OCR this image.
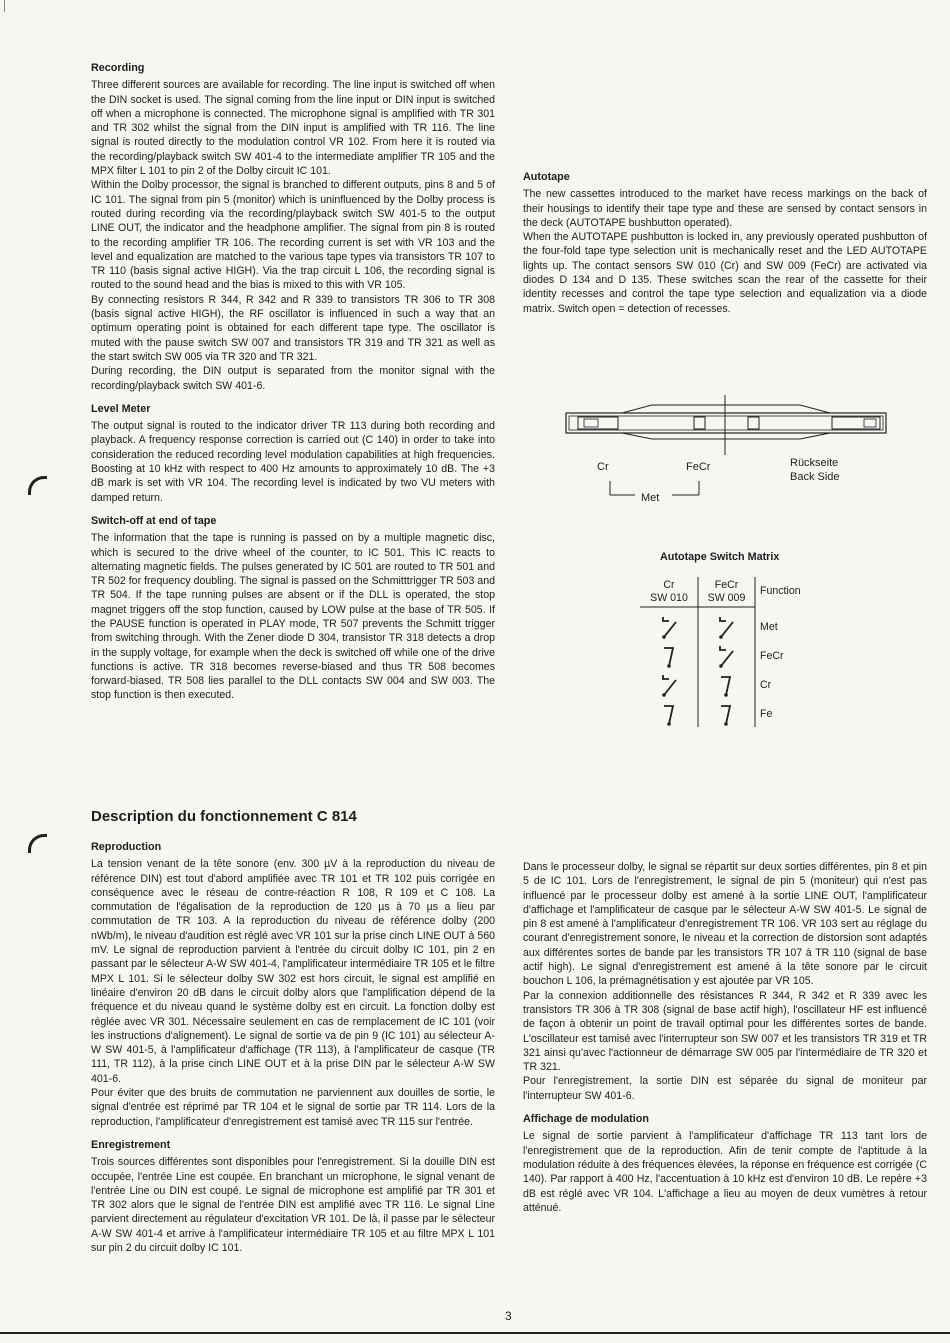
Recording

Three different sources are available for recording. The line input is switched off when the DIN socket is used. The signal coming from the line input or DIN input is switched off when a microphone is connected. The microphone signal is amplified with TR 301 and TR 302 whilst the signal from the DIN input is amplified with TR 116. The line signal is routed directly to the modulation control VR 102. From here it is routed via the recording/playback switch SW 401-4 to the intermediate amplifier TR 105 and the MPX filter L 101 to pin 2 of the Dolby circuit IC 101.

Within the Dolby processor, the signal is branched to different outputs, pins 8 and 5 of IC 101. The signal from pin 5 (monitor) which is uninfluenced by the Dolby process is routed during recording via the recording/playback switch SW 401-5 to the output LINE OUT, the indicator and the headphone amplifier. The signal from pin 8 is routed to the recording amplifier TR 106. The recording current is set with VR 103 and the level and equalization are matched to the various tape types via transistors TR 107 to TR 110 (basis signal active HIGH). Via the trap circuit L 106, the recording signal is routed to the sound head and the bias is mixed to this with VR 105.

By connecting resistors R 344, R 342 and R 339 to transistors TR 306 to TR 308 (basis signal active HIGH), the RF oscillator is influenced in such a way that an optimum operating point is obtained for each different tape type. The oscillator is muted with the pause switch SW 007 and transistors TR 319 and TR 321 as well as the start switch SW 005 via TR 320 and TR 321.

During recording, the DIN output is separated from the monitor signal with the recording/playback switch SW 401-6.

Level Meter

The output signal is routed to the indicator driver TR 113 during both recording and playback. A frequency response correction is carried out (C 140) in order to take into consideration the reduced recording level modulation capabilities at high frequencies. Boosting at 10 kHz with respect to 400 Hz amounts to approximately 10 dB. The +3 dB mark is set with VR 104. The recording level is indicated by two VU meters with damped return.

Switch-off at end of tape

The information that the tape is running is passed on by a multiple magnetic disc, which is secured to the drive wheel of the counter, to IC 501. This IC reacts to alternating magnetic fields. The pulses generated by IC 501 are routed to TR 501 and TR 502 for frequency doubling. The signal is passed on the Schmitttrigger TR 503 and TR 504. If the tape running pulses are absent or if the DLL is operated, the stop magnet triggers off the stop function, caused by LOW pulse at the base of TR 505. If the PAUSE function is operated in PLAY mode, TR 507 prevents the Schmitt trigger from switching through. With the Zener diode D 304, transistor TR 318 detects a drop in the supply voltage, for example when the deck is switched off while one of the drive functions is active. TR 318 becomes reverse-biased and thus TR 508 becomes forward-biased. TR 508 lies parallel to the DLL contacts SW 004 and SW 003. The stop function is then executed.

Autotape

The new cassettes introduced to the market have recess markings on the back of their housings to identify their tape type and these are sensed by contact sensors in the deck (AUTOTAPE bushbutton operated).

When the AUTOTAPE pushbutton is locked in, any previously operated pushbutton of the four-fold tape type selection unit is mechanically reset and the LED AUTOTAPE lights up. The contact sensors SW 010 (Cr) and SW 009 (FeCr) are activated via diodes D 134 and D 135. These switches scan the rear of the cassette for their identity recesses and control the tape type selection and equalization via a diode matrix. Switch open = detection of recesses.

Cr	FeCr
Met
Rückseite
Back Side
Autotape Switch Matrix
Cr
SW 010
FeCr
SW 009
Function
Met
FeCr
Cr
Fe
Description du fonctionnement C 814
Reproduction

La tension venant de la tête sonore (env. 300 µV à la reproduction du niveau de référence DIN) est tout d'abord amplifiée avec TR 101 et TR 102 puis corrigée en conséquence avec le réseau de contre-réaction R 108, R 109 et C 108. La commutation de l'égalisation de la reproduction de 120 µs à 70 µs a lieu par commutation de TR 103. A la reproduction du niveau de référence dolby (200 nWb/m), le niveau d'audition est réglé avec VR 101 sur la prise cinch LINE OUT à 560 mV. Le signal de reproduction parvient à l'entrée du circuit dolby IC 101, pin 2 en passant par le sélecteur A-W SW 401-4, l'amplificateur intermédiaire TR 105 et le filtre MPX L 101. Si le sélecteur dolby SW 302 est hors circuit, le signal est amplifié en linéaire d'environ 20 dB dans le circuit dolby alors que l'amplification dépend de la fréquence et du niveau quand le système dolby est en circuit. La fonction dolby est réglée avec VR 301. Nécessaire seulement en cas de remplacement de IC 101 (voir les instructions d'alignement). Le signal de sortie va de pin 9 (IC 101) au sélecteur A-W SW 401-5, à l'amplificateur d'affichage (TR 113), à l'amplificateur de casque (TR 111, TR 112), à la prise cinch LINE OUT et à la prise DIN par le sélecteur A-W SW 401-6.

Pour éviter que des bruits de commutation ne parviennent aux douilles de sortie, le signal d'entrée est réprimé par TR 104 et le signal de sortie par TR 114. Lors de la reproduction, l'amplificateur d'enregistrement est tamisé avec TR 115 sur l'entrée.

Enregistrement

Trois sources différentes sont disponibles pour l'enregistrement. Si la douille DIN est occupée, l'entrée Line est coupée. En branchant un microphone, le signal venant de l'entrée Line ou DIN est coupé. Le signal de microphone est amplifié par TR 301 et TR 302 alors que le signal de l'entrée DIN est amplifié avec TR 116. Le signal Line parvient directement au régulateur d'excitation VR 101. De là, il passe par le sélecteur A-W SW 401-4 et arrive à l'amplificateur intermédiaire TR 105 et au filtre MPX L 101 sur pin 2 du circuit dolby IC 101.

Dans le processeur dolby, le signal se répartit sur deux sorties différentes, pin 8 et pin 5 de IC 101. Lors de l'enregistrement, le signal de pin 5 (moniteur) qui n'est pas influencé par le processeur dolby est amené à la sortie LINE OUT, l'amplificateur d'affichage et l'amplificateur de casque par le sélecteur A-W SW 401-5. Le signal de pin 8 est amené à l'amplificateur d'enregistrement TR 106. VR 103 sert au réglage du courant d'enregistrement sonore, le niveau et la correction de distorsion sont adaptés aux différentes sortes de bande par les transistors TR 107 à TR 110 (signal de base actif high). Le signal d'enregistrement est amené à la tête sonore par le circuit bouchon L 106, la prémagnétisation y est ajoutée par VR 105.

Par la connexion additionnelle des résistances R 344, R 342 et R 339 avec les transistors TR 306 à TR 308 (signal de base actif high), l'oscillateur HF est influencé de façon à obtenir un point de travail optimal pour les différentes sortes de bande. L'oscillateur est tamisé avec l'interrupteur son SW 007 et les transistors TR 319 et TR 321 ainsi qu'avec l'actionneur de démarrage SW 005 par l'intermédiaire de TR 320 et TR 321.

Pour l'enregistrement, la sortie DIN est séparée du signal de moniteur par l'interrupteur SW 401-6.

Affichage de modulation

Le signal de sortie parvient à l'amplificateur d'affichage TR 113 tant lors de l'enregistrement que de la reproduction. Afin de tenir compte de l'aptitude à la modulation réduite à des fréquences élevées, la réponse en fréquence est corrigée (C 140). Par rapport à 400 Hz, l'accentuation à 10 kHz est d'environ 10 dB. Le repère +3 dB est réglé avec VR 104. L'affichage a lieu au moyen de deux vumètres à retour atténué.

3
